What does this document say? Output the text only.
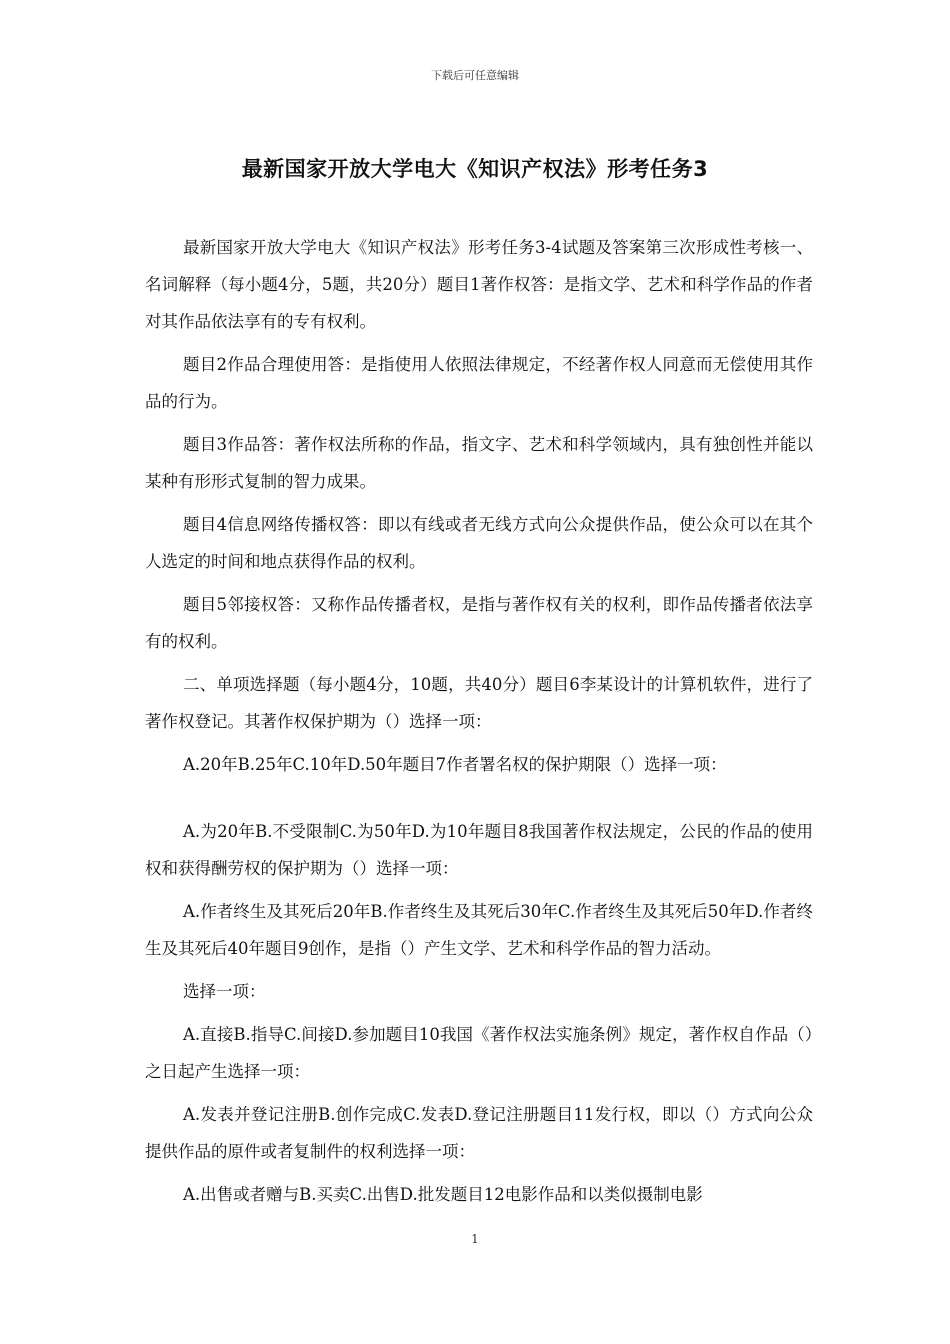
下载后可任意编辑
最新国家开放大学电大《知识产权法》形考任务3

最新国家开放大学电大《知识产权法》形考任务3-4试题及答案第三次形成性考核一、名词解释（每小题4分，5题，共20分）题目1著作权答：是指文学、艺术和科学作品的作者对其作品依法享有的专有权利。

题目2作品合理使用答：是指使用人依照法律规定，不经著作权人同意而无偿使用其作品的行为。

题目3作品答：著作权法所称的作品，指文字、艺术和科学领域内，具有独创性并能以某种有形形式复制的智力成果。

题目4信息网络传播权答：即以有线或者无线方式向公众提供作品，使公众可以在其个人选定的时间和地点获得作品的权利。

题目5邻接权答：又称作品传播者权，是指与著作权有关的权利，即作品传播者依法享有的权利。

二、单项选择题（每小题4分，10题，共40分）题目6李某设计的计算机软件，进行了著作权登记。其著作权保护期为（）选择一项：

A.20年B.25年C.10年D.50年题目7作者署名权的保护期限（）选择一项：

A.为20年B.不受限制C.为50年D.为10年题目8我国著作权法规定，公民的作品的使用权和获得酬劳权的保护期为（）选择一项：

A.作者终生及其死后20年B.作者终生及其死后30年C.作者终生及其死后50年D.作者终生及其死后40年题目9创作，是指（）产生文学、艺术和科学作品的智力活动。

选择一项：

A.直接B.指导C.间接D.参加题目10我国《著作权法实施条例》规定，著作权自作品（）之日起产生选择一项：

A.发表并登记注册B.创作完成C.发表D.登记注册题目11发行权，即以（）方式向公众提供作品的原件或者复制件的权利选择一项：

A.出售或者赠与B.买卖C.出售D.批发题目12电影作品和以类似摄制电影

1
